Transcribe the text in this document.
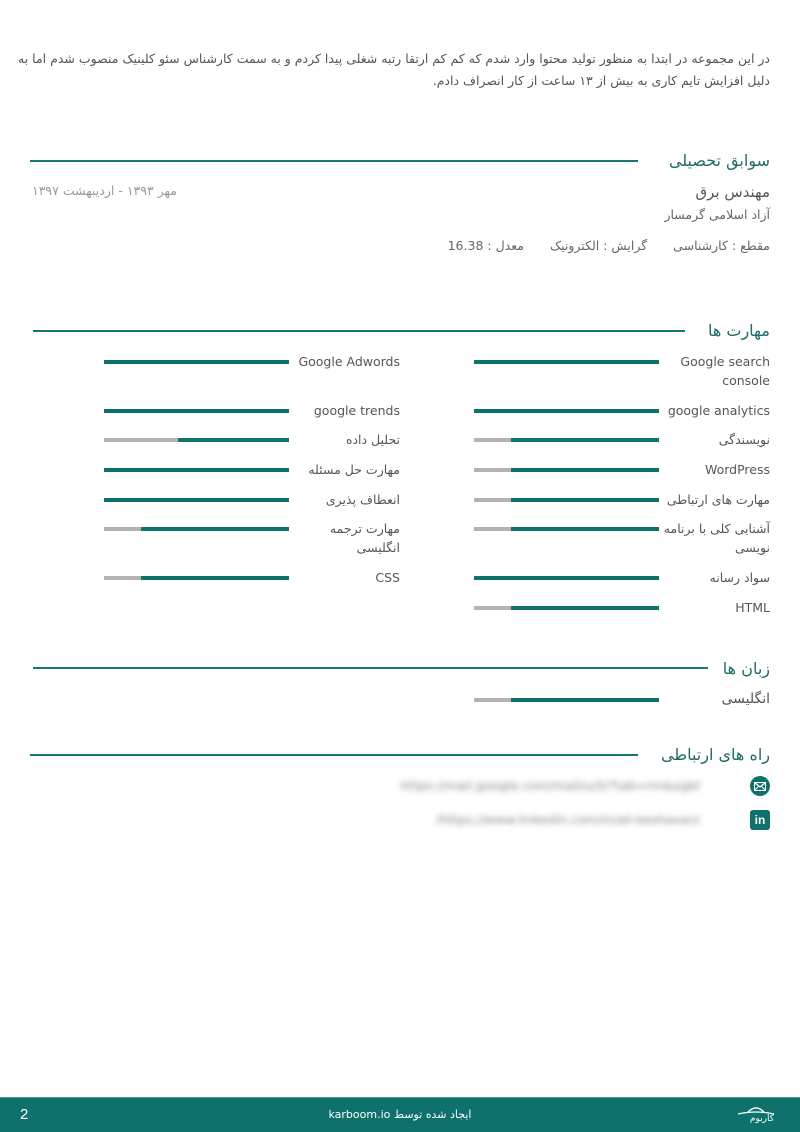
در این مجموعه در ابتدا به منظور تولید محتوا وارد شدم که کم کم ارتقا رتبه شغلی پیدا کردم و به سمت کارشناس سئو کلینیک منصوب شدم اما به دلیل افزایش تایم کاری به بیش از ۱۳ ساعت از کار انصراف دادم.
سوابق تحصیلی
مهندس برق
آزاد اسلامی گرمسار
مهر ۱۳۹۳ - اردیبهشت ۱۳۹۷
مقطع : کارشناسی
گرایش : الکترونیک
معدل : 16.38
مهارت ها
Google search console
google analytics
نویسندگی
WordPress
مهارت های ارتباطی
آشنایی کلی با برنامه نویسی
سواد رسانه
HTML
Google Adwords
google trends
تحلیل داده
مهارت حل مسئله
انعطاف پذیری
مهارت ترجمه انگلیسی
CSS
زبان ها
انگلیسی
راه های ارتباطی
https://mail.google.com/mail/u/0/?tab=rm&ogbl
in
/https://www.linkedin.com/in/ali-keshavarz
2	ایجاد شده توسط karboom.io	کاربوم
